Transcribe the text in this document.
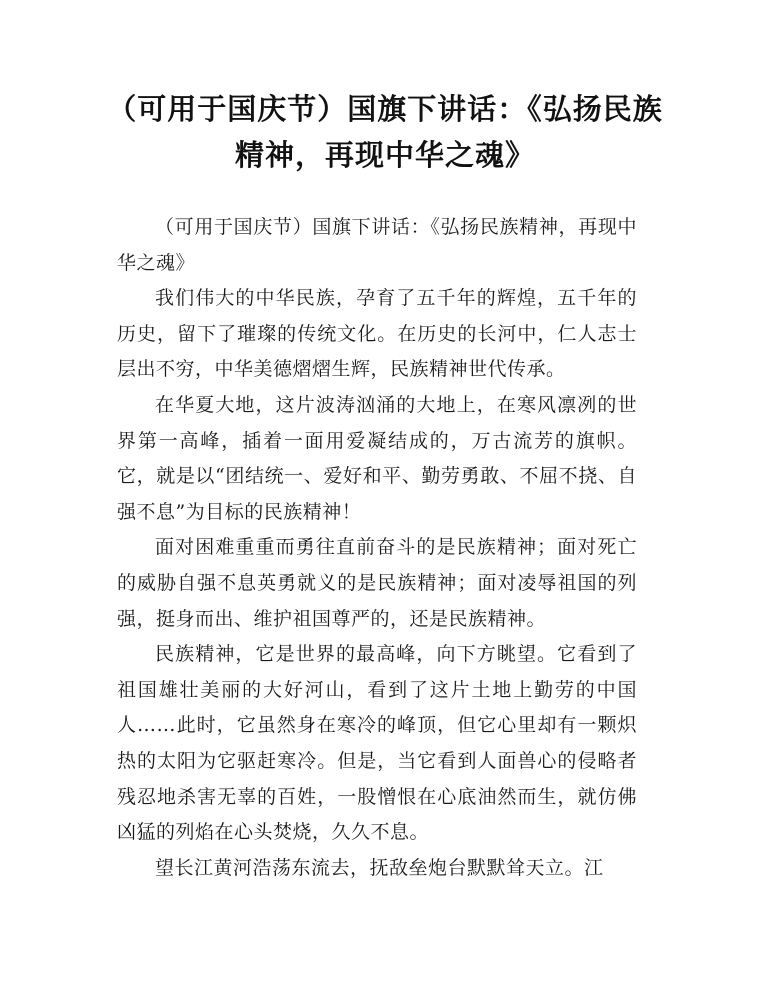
（可用于国庆节）国旗下讲话：《弘扬民族精神，再现中华之魂》

（可用于国庆节）国旗下讲话：《弘扬民族精神，再现中华之魂》

我们伟大的中华民族，孕育了五千年的辉煌，五千年的历史，留下了璀璨的传统文化。在历史的长河中，仁人志士层出不穷，中华美德熠熠生辉，民族精神世代传承。

在华夏大地，这片波涛汹涌的大地上，在寒风凛冽的世界第一高峰，插着一面用爱凝结成的，万古流芳的旗帜。它，就是以“团结统一、爱好和平、勤劳勇敢、不屈不挠、自强不息”为目标的民族精神！

面对困难重重而勇往直前奋斗的是民族精神；面对死亡的威胁自强不息英勇就义的是民族精神；面对凌辱祖国的列强，挺身而出、维护祖国尊严的，还是民族精神。

民族精神，它是世界的最高峰，向下方眺望。它看到了祖国雄壮美丽的大好河山，看到了这片土地上勤劳的中国人……此时，它虽然身在寒冷的峰顶，但它心里却有一颗炽热的太阳为它驱赶寒冷。但是，当它看到人面兽心的侵略者残忍地杀害无辜的百姓，一股憎恨在心底油然而生，就仿佛凶猛的列焰在心头焚烧，久久不息。

望长江黄河浩荡东流去，抚敌垒炮台默默耸天立。江
